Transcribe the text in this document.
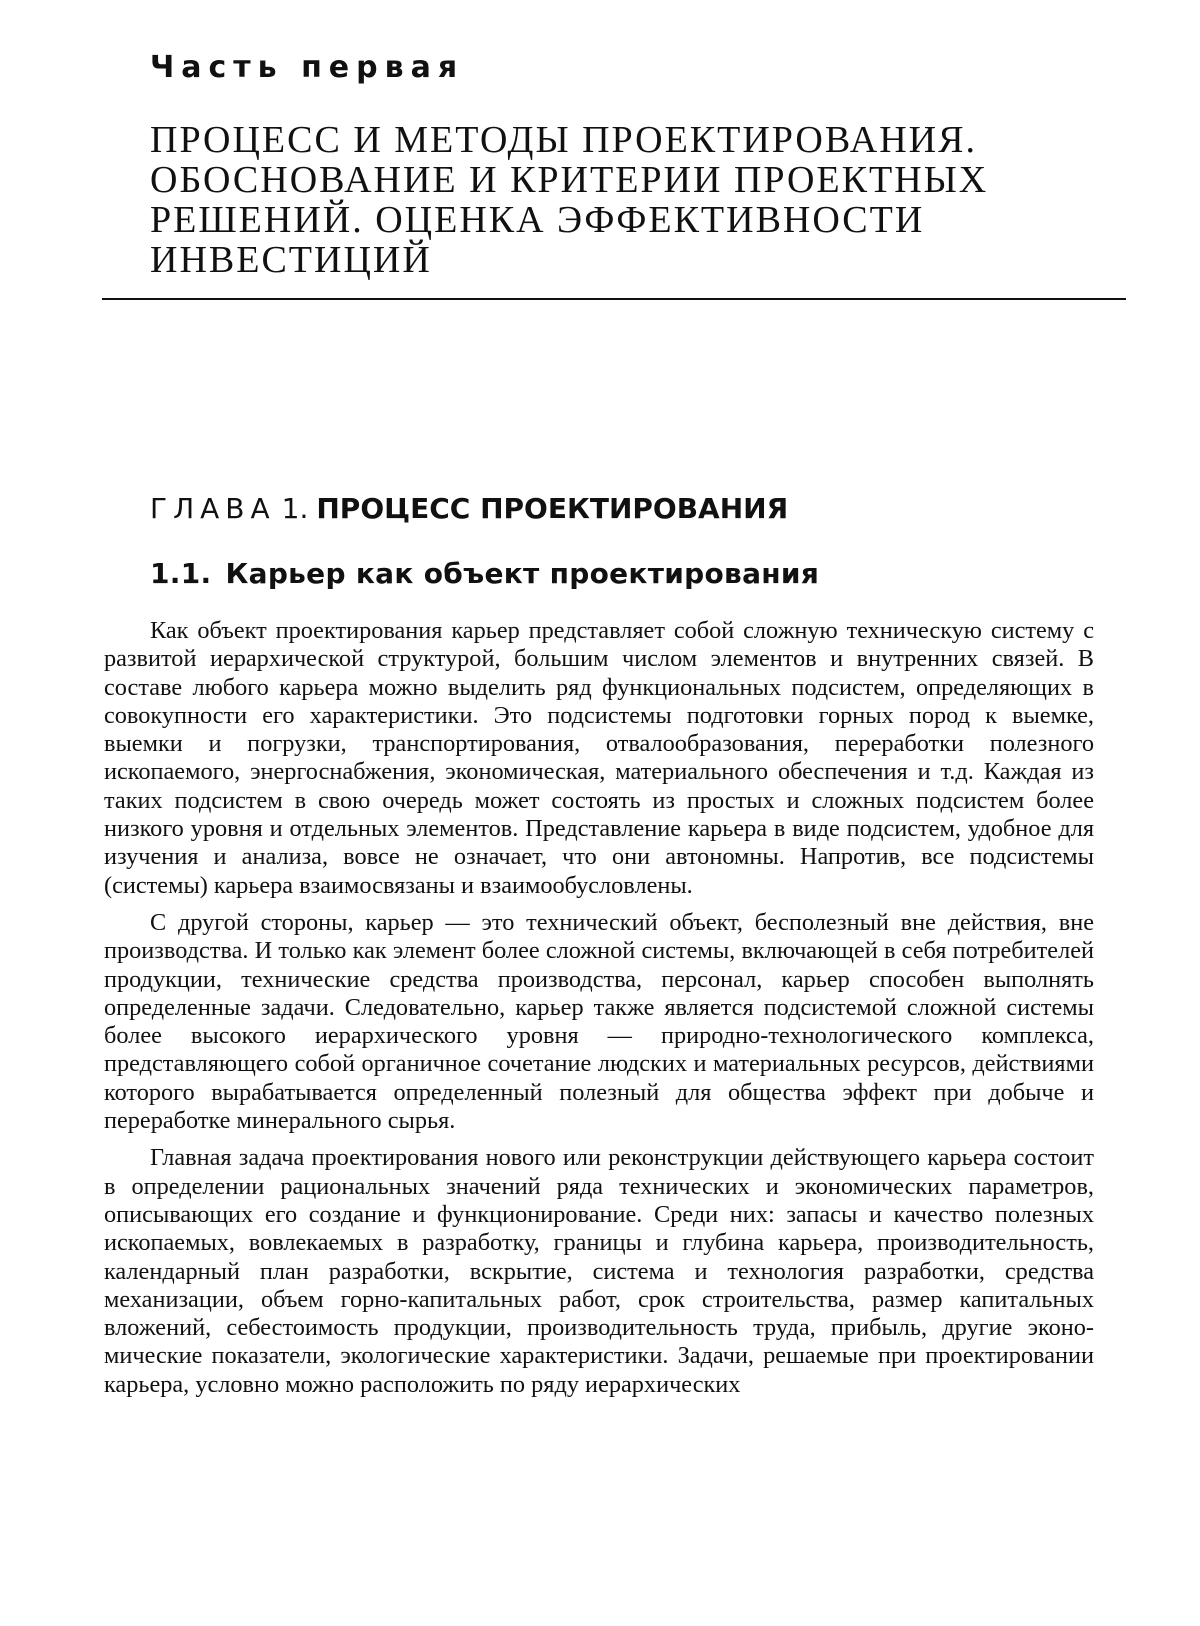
Часть первая
ПРОЦЕСС И МЕТОДЫ ПРОЕКТИРОВАНИЯ.
ОБОСНОВАНИЕ И КРИТЕРИИ ПРОЕКТНЫХ
РЕШЕНИЙ. ОЦЕНКА ЭФФЕКТИВНОСТИ
ИНВЕСТИЦИЙ
ГЛАВА 1. ПРОЦЕСС ПРОЕКТИРОВАНИЯ
1.1. Карьер как объект проектирования

Как объект проектирования карьер представляет собой сложную техническую систему с развитой иерархической структурой, большим числом элементов и внутренних связей. В составе любого карьера можно выделить ряд функциональных подсистем, определяющих в совокупности его характеристики. Это подсистемы подготовки горных пород к выемке, выемки и погрузки, транспортирования, отвалообразования, переработки полезного ископаемого, энергоснабжения, экономическая, материального обеспечения и т.д. Каждая из таких подсистем в свою очередь может состоять из простых и сложных подсистем более низкого уровня и отдельных элементов. Представление карьера в виде подсистем, удобное для изучения и анализа, вовсе не означает, что они автономны. Напротив, все подсистемы (системы) карьера взаимосвязаны и взаимообусловлены.

С другой стороны, карьер — это технический объект, бесполезный вне действия, вне производства. И только как элемент более сложной системы, включающей в себя потребителей продукции, технические средства производства, персонал, карьер способен выполнять определенные задачи. Следовательно, карьер также является подсистемой сложной системы более высокого иерархического уровня — природно-технологического комплекса, представляющего собой органичное сочетание людских и материальных ресурсов, действиями которого вырабатывается определенный полезный для общества эффект при добыче и переработке минерального сырья.

Главная задача проектирования нового или реконструкции действующего карьера состоит в определении рациональных значений ряда технических и экономических параметров, описывающих его создание и функционирование. Среди них: запасы и качество полезных ископаемых, вовлекаемых в разработку, границы и глубина карьера, производительность, календарный план разработки, вскрытие, система и технология разработки, средства механизации, объем горно-капитальных работ, срок строительства, размер капитальных вложений, себестоимость продукции, производительность труда, прибыль, другие экономические показатели, экологические характеристики. Задачи, решаемые при проектировании карьера, условно можно расположить по ряду иерархических
